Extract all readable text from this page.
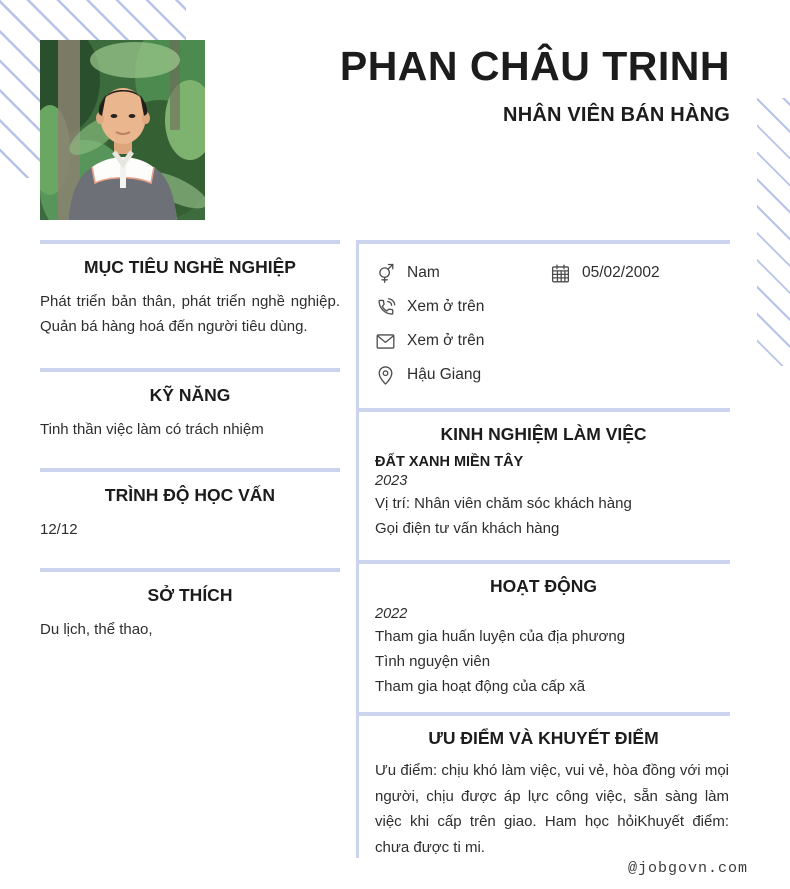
PHAN CHÂU TRINH
NHÂN VIÊN BÁN HÀNG
MỤC TIÊU NGHỀ NGHIỆP

Phát triển bản thân, phát triển nghề nghiệp. Quản bá hàng hoá đến người tiêu dùng.

KỸ NĂNG

Tinh thần việc làm có trách nhiệm

TRÌNH ĐỘ HỌC VẤN

12/12

SỞ THÍCH

Du lịch, thể thao,

Nam	05/02/2002
Xem ở trên
Xem ở trên
Hậu Giang
KINH NGHIỆM LÀM VIỆC
ĐẤT XANH MIỀN TÂY
2023
Vị trí: Nhân viên chăm sóc khách hàng
Gọi điện tư vấn khách hàng
HOẠT ĐỘNG
2022
Tham gia huấn luyện của địa phương
Tình nguyện viên
Tham gia hoạt động của cấp xã
ƯU ĐIỂM VÀ KHUYẾT ĐIỂM

Ưu điểm: chịu khó làm việc, vui vẻ, hòa đồng với mọi người, chịu được áp lực công việc, sẵn sàng làm việc khi cấp trên giao. Ham học hỏiKhuyết điểm: chưa được ti mi.

@jobgovn.com
